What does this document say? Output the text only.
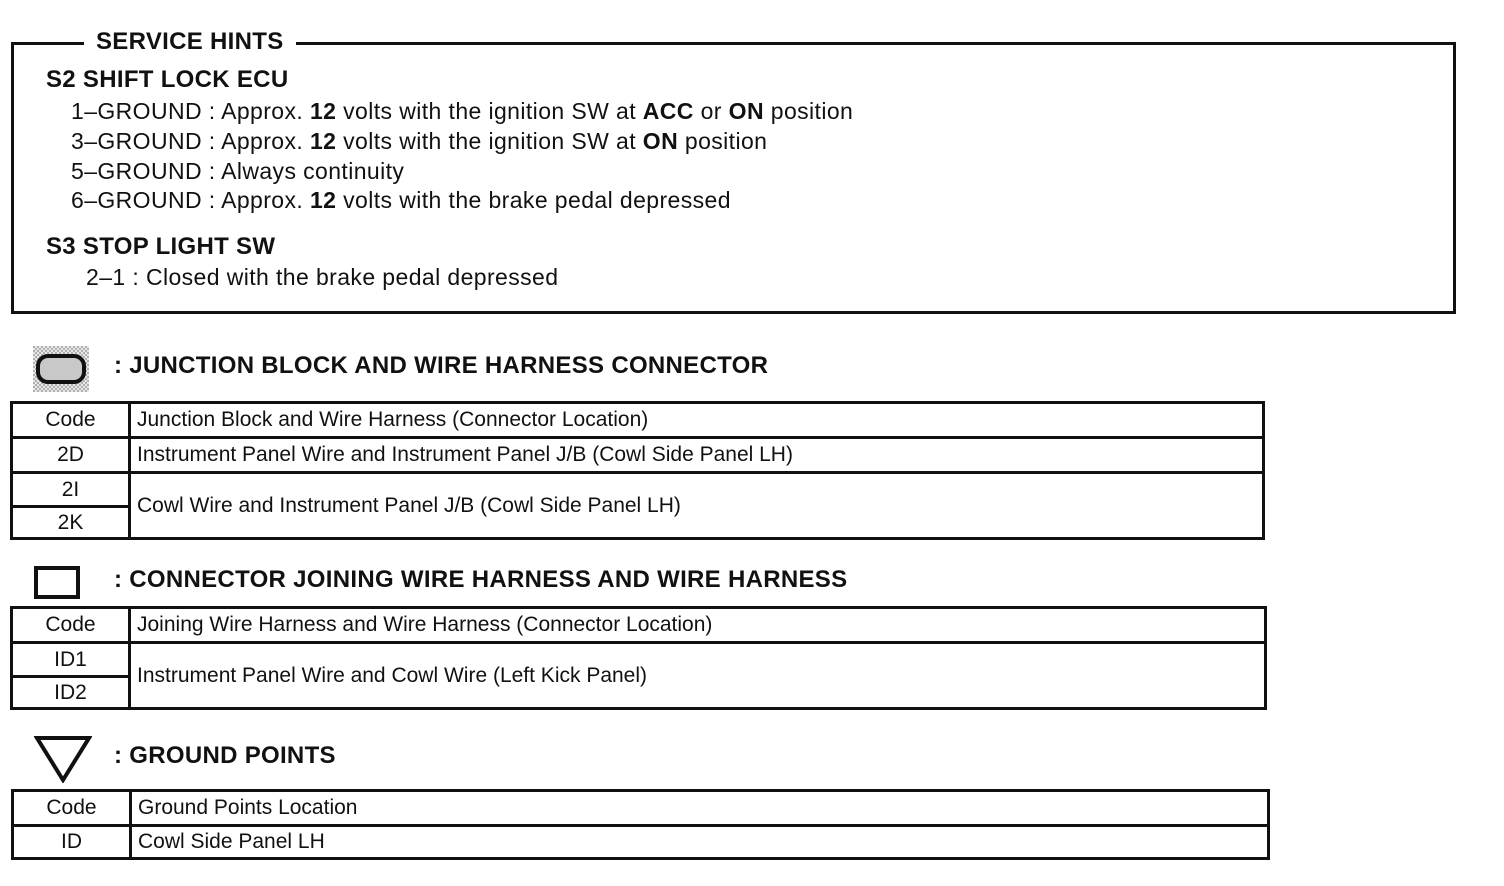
SERVICE HINTS
S2 SHIFT LOCK ECU
1–GROUND : Approx. 12 volts with the ignition SW at ACC or ON position
3–GROUND : Approx. 12 volts with the ignition SW at ON position
5–GROUND : Always continuity
6–GROUND : Approx. 12 volts with the brake pedal depressed
S3 STOP LIGHT SW
2–1 : Closed with the brake pedal depressed
: JUNCTION BLOCK AND WIRE HARNESS CONNECTOR
Code	Junction Block and Wire Harness (Connector Location)
2D	Instrument Panel Wire and Instrument Panel J/B (Cowl Side Panel LH)
2I	Cowl Wire and Instrument Panel J/B (Cowl Side Panel LH)
2K	
: CONNECTOR JOINING WIRE HARNESS AND WIRE HARNESS
Code	Joining Wire Harness and Wire Harness (Connector Location)
ID1	Instrument Panel Wire and Cowl Wire (Left Kick Panel)
ID2	
: GROUND POINTS
Code	Ground Points Location
ID	Cowl Side Panel LH
